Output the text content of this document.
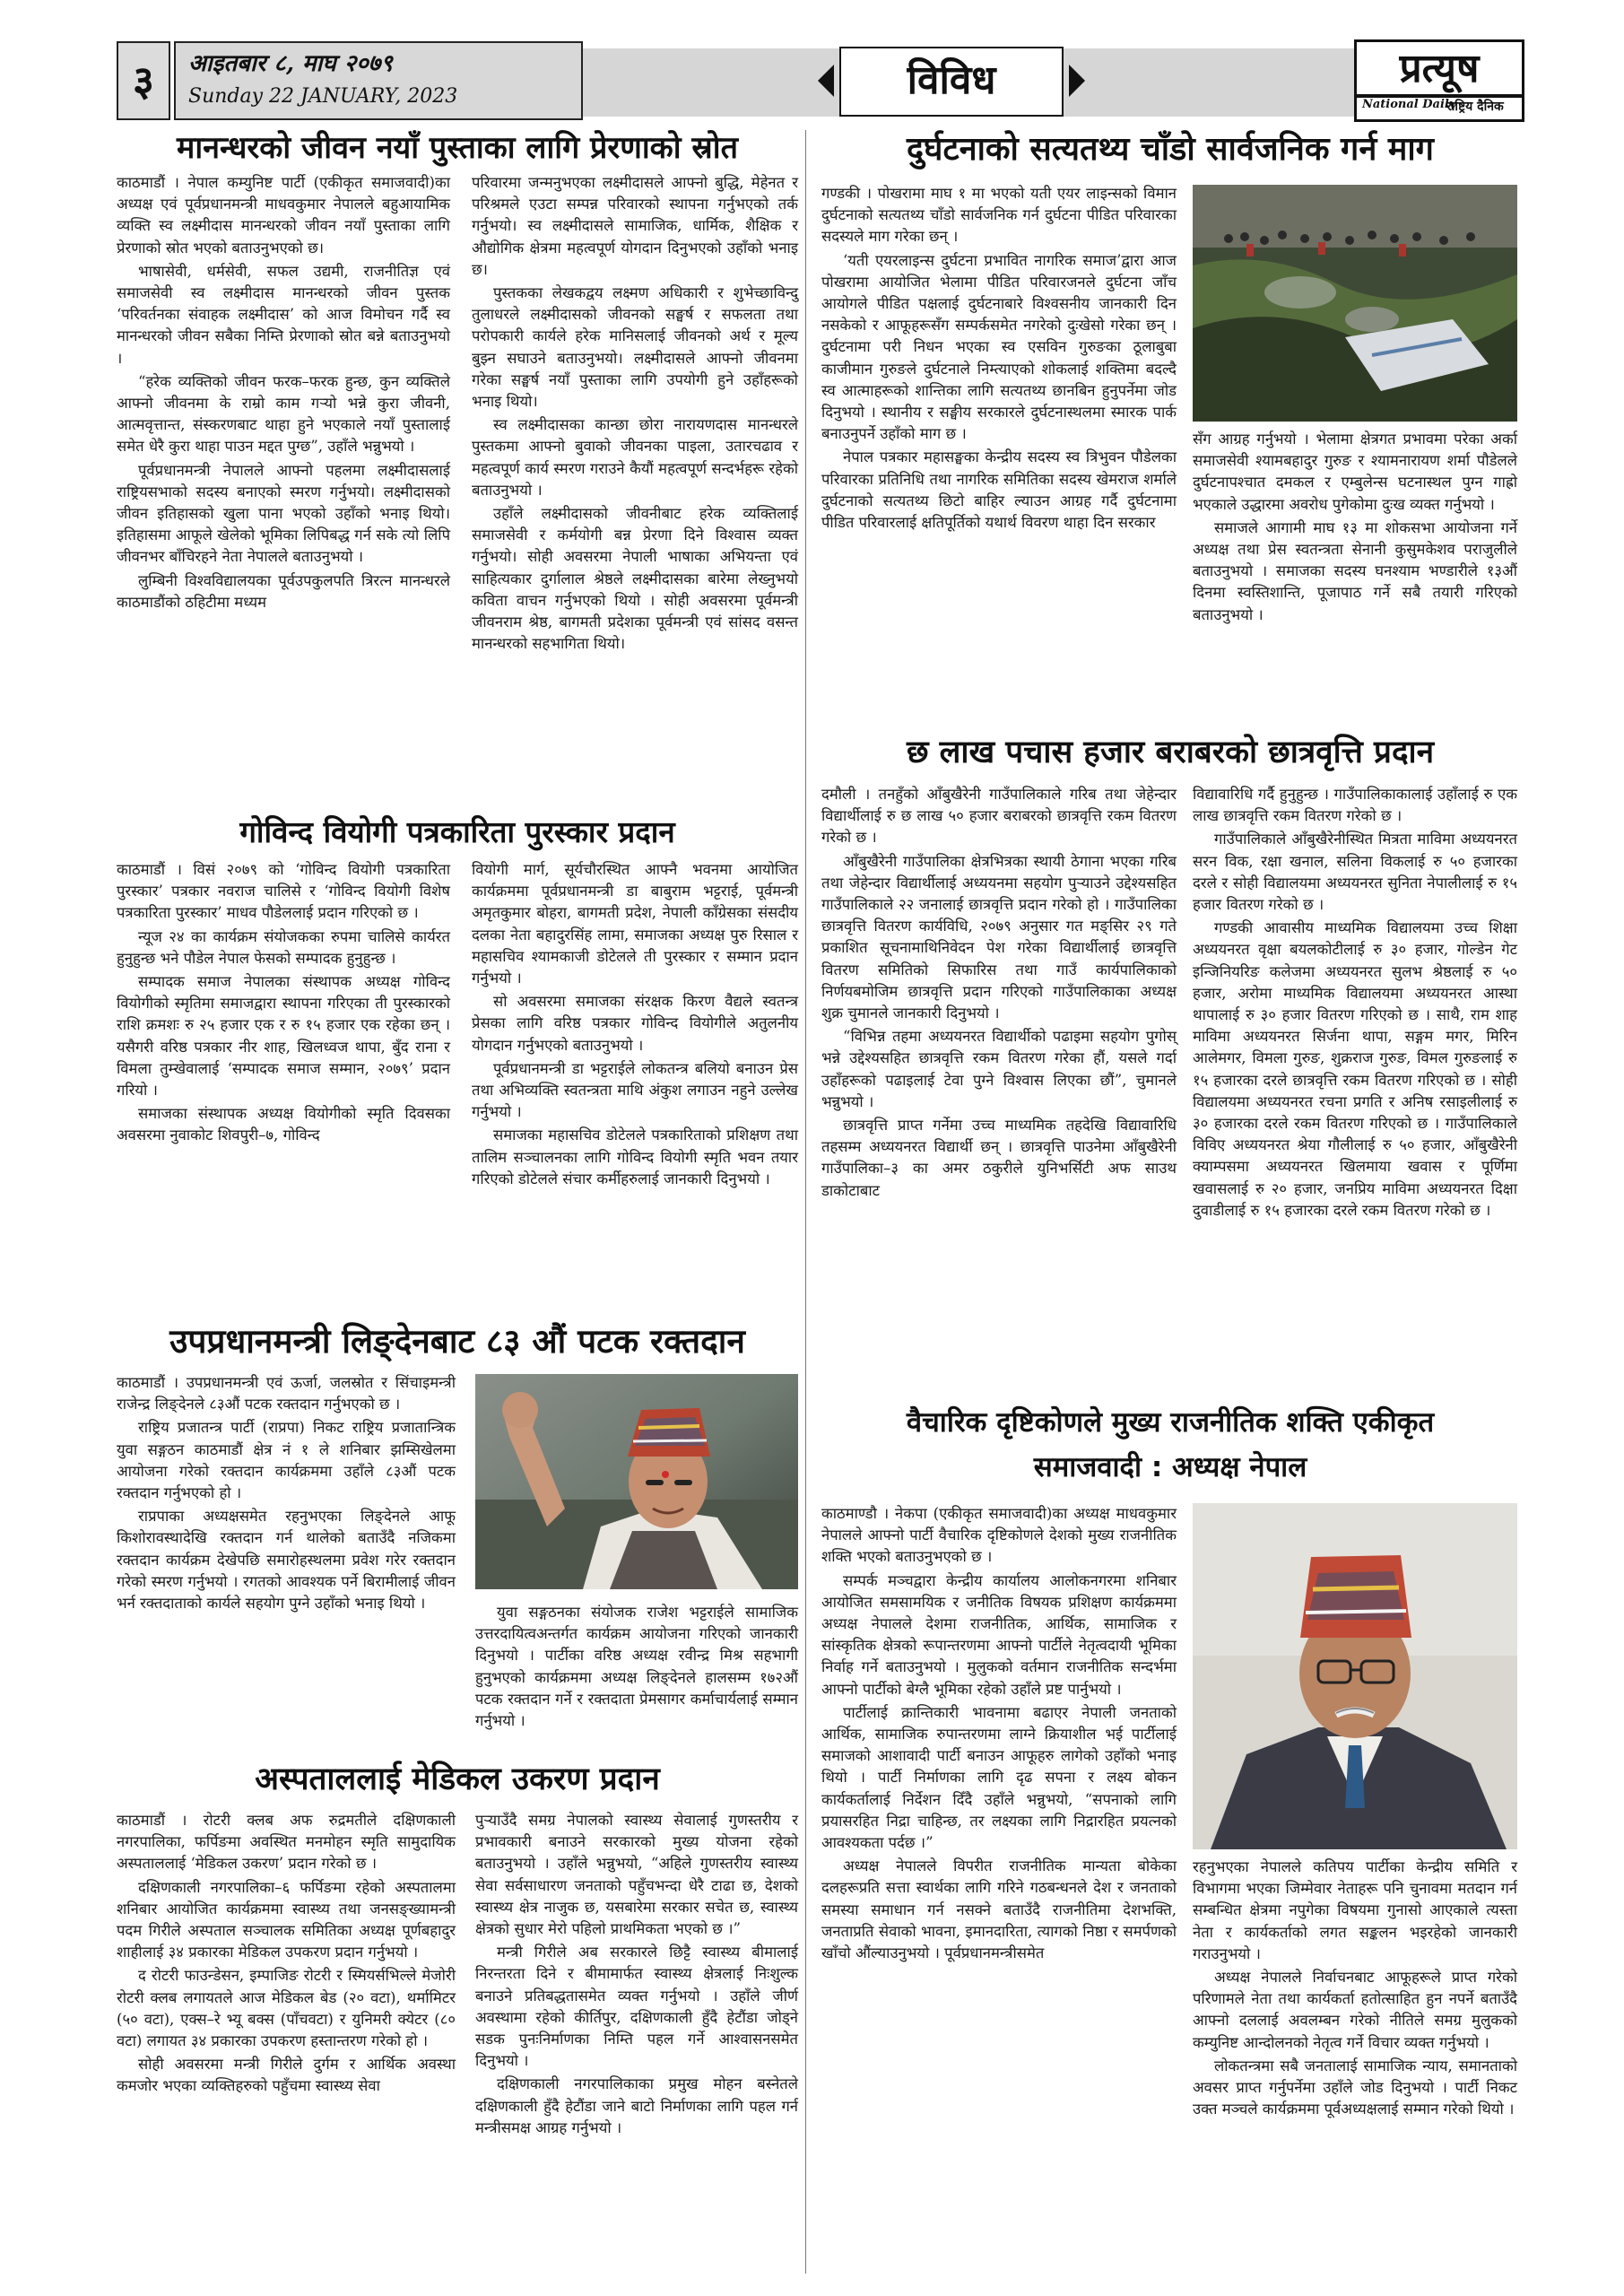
३	आइतबार ८, माघ २०७९
Sunday 22 JANUARY, 2023	विविध	प्रत्यूष
National Daily
राष्ट्रिय दैनिक
मानन्धरको जीवन नयाँ पुस्ताका लागि प्रेरणाको स्रोत

काठमाडौं । नेपाल कम्युनिष्ट पार्टी (एकीकृत समाजवादी)का अध्यक्ष एवं पूर्वप्रधानमन्त्री माधवकुमार नेपालले बहुआयामिक व्यक्ति स्व लक्ष्मीदास मानन्धरको जीवन नयाँ पुस्ताका लागि प्रेरणाको स्रोत भएको बताउनुभएको छ।

भाषासेवी, धर्मसेवी, सफल उद्यमी, राजनीतिज्ञ एवं समाजसेवी स्व लक्ष्मीदास मानन्धरको जीवन पुस्तक ‘परिवर्तनका संवाहक लक्ष्मीदास’ को आज विमोचन गर्दै स्व मानन्धरको जीवन सबैका निम्ति प्रेरणाको स्रोत बन्ने बताउनुभयो ।

“हरेक व्यक्तिको जीवन फरक–फरक हुन्छ, कुन व्यक्तिले आफ्नो जीवनमा के राम्रो काम गऱ्यो भन्ने कुरा जीवनी, आत्मवृत्तान्त, संस्करणबाट थाहा हुने भएकाले नयाँ पुस्तालाई समेत धेरै कुरा थाहा पाउन मद्दत पुग्छ”, उहाँले भन्नुभयो ।

पूर्वप्रधानमन्त्री नेपालले आफ्नो पहलमा लक्ष्मीदासलाई राष्ट्रियसभाको सदस्य बनाएको स्मरण गर्नुभयो। लक्ष्मीदासको जीवन इतिहासको खुला पाना भएको उहाँको भनाइ थियो। इतिहासमा आफूले खेलेको भूमिका लिपिबद्ध गर्न सके त्यो लिपि जीवनभर बाँचिरहने नेता नेपालले बताउनुभयो ।

लुम्बिनी विश्वविद्यालयका पूर्वउपकुलपति त्रिरत्न मानन्धरले काठमाडौंको ठहिटीमा मध्यम

परिवारमा जन्मनुभएका लक्ष्मीदासले आफ्नो बुद्धि, मेहेनत र परिश्रमले एउटा सम्पन्न परिवारको स्थापना गर्नुभएको तर्क गर्नुभयो। स्व लक्ष्मीदासले सामाजिक, धार्मिक, शैक्षिक र औद्योगिक क्षेत्रमा महत्वपूर्ण योगदान दिनुभएको उहाँको भनाइ छ।

पुस्तकका लेखकद्वय लक्ष्मण अधिकारी र शुभेच्छाविन्दु तुलाधरले लक्ष्मीदासको जीवनको सङ्घर्ष र सफलता तथा परोपकारी कार्यले हरेक मानिसलाई जीवनको अर्थ र मूल्य बुझ्न सघाउने बताउनुभयो। लक्ष्मीदासले आफ्नो जीवनमा गरेका सङ्घर्ष नयाँ पुस्ताका लागि उपयोगी हुने उहाँहरूको भनाइ थियो।

स्व लक्ष्मीदासका कान्छा छोरा नारायणदास मानन्धरले पुस्तकमा आफ्नो बुवाको जीवनका पाइला, उतारचढाव र महत्वपूर्ण कार्य स्मरण गराउने कैयौं महत्वपूर्ण सन्दर्भहरू रहेको बताउनुभयो ।

उहाँले लक्ष्मीदासको जीवनीबाट हरेक व्यक्तिलाई समाजसेवी र कर्मयोगी बन्न प्रेरणा दिने विश्वास व्यक्त गर्नुभयो। सोही अवसरमा नेपाली भाषाका अभियन्ता एवं साहित्यकार दुर्गालाल श्रेष्ठले लक्ष्मीदासका बारेमा लेख्नुभयो कविता वाचन गर्नुभएको थियो । सोही अवसरमा पूर्वमन्त्री जीवनराम श्रेष्ठ, बागमती प्रदेशका पूर्वमन्त्री एवं सांसद वसन्त मानन्धरको सहभागिता थियो।

गोविन्द वियोगी पत्रकारिता पुरस्कार प्रदान

काठमाडौं । विसं २०७९ को ‘गोविन्द वियोगी पत्रकारिता पुरस्कार’ पत्रकार नवराज चालिसे र ‘गोविन्द वियोगी विशेष पत्रकारिता पुरस्कार’ माधव पौडेललाई प्रदान गरिएको छ ।

न्यूज २४ का कार्यक्रम संयोजकका रुपमा चालिसे कार्यरत हुनुहुन्छ भने पौडेल नेपाल फेसको सम्पादक हुनुहुन्छ ।

सम्पादक समाज नेपालका संस्थापक अध्यक्ष गोविन्द वियोगीको स्मृतिमा समाजद्वारा स्थापना गरिएका ती पुरस्कारको राशि क्रमशः रु २५ हजार एक र रु १५ हजार एक रहेका छन् । यसैगरी वरिष्ठ पत्रकार नीर शाह, खिलध्वज थापा, बुँद राना र विमला तुम्खेवालाई ‘सम्पादक समाज सम्मान, २०७९’ प्रदान गरियो ।

समाजका संस्थापक अध्यक्ष वियोगीको स्मृति दिवसका अवसरमा नुवाकोट शिवपुरी–७, गोविन्द

वियोगी मार्ग, सूर्यचौरस्थित आफ्नै भवनमा आयोजित कार्यक्रममा पूर्वप्रधानमन्त्री डा बाबुराम भट्टराई, पूर्वमन्त्री अमृतकुमार बोहरा, बागमती प्रदेश, नेपाली काँग्रेसका संसदीय दलका नेता बहादुरसिंह लामा, समाजका अध्यक्ष पुरु रिसाल र महासचिव श्यामकाजी डोटेलले ती पुरस्कार र सम्मान प्रदान गर्नुभयो ।

सो अवसरमा समाजका संरक्षक किरण वैद्यले स्वतन्त्र प्रेसका लागि वरिष्ठ पत्रकार गोविन्द वियोगीले अतुलनीय योगदान गर्नुभएको बताउनुभयो ।

पूर्वप्रधानमन्त्री डा भट्टराईले लोकतन्त्र बलियो बनाउन प्रेस तथा अभिव्यक्ति स्वतन्त्रता माथि अंकुश लगाउन नहुने उल्लेख गर्नुभयो ।

समाजका महासचिव डोटेलले पत्रकारिताको प्रशिक्षण तथा तालिम सञ्चालनका लागि गोविन्द वियोगी स्मृति भवन तयार गरिएको डोटेलले संचार कर्मीहरुलाई जानकारी दिनुभयो ।

उपप्रधानमन्त्री लिङ्देनबाट ८३ औं पटक रक्तदान

काठमाडौं । उपप्रधानमन्त्री एवं ऊर्जा, जलस्रोत र सिंचाइमन्त्री राजेन्द्र लिङ्देनले ८३औं पटक रक्तदान गर्नुभएको छ ।

राष्ट्रिय प्रजातन्त्र पार्टी (राप्रपा) निकट राष्ट्रिय प्रजातान्त्रिक युवा सङ्गठन काठमाडौं क्षेत्र नं १ ले शनिबार झम्सिखेलमा आयोजना गरेको रक्तदान कार्यक्रममा उहाँले ८३औं पटक रक्तदान गर्नुभएको हो ।

राप्रपाका अध्यक्षसमेत रहनुभएका लिङ्देनले आफू किशोरावस्थादेखि रक्तदान गर्न थालेको बताउँदै नजिकमा रक्तदान कार्यक्रम देखेपछि समारोहस्थलमा प्रवेश गरेर रक्तदान गरेको स्मरण गर्नुभयो । रगतको आवश्यक पर्ने बिरामीलाई जीवन भर्न रक्तदाताको कार्यले सहयोग पुग्ने उहाँको भनाइ थियो ।

युवा सङ्गठनका संयोजक राजेश भट्टराईले सामाजिक उत्तरदायित्वअन्तर्गत कार्यक्रम आयोजना गरिएको जानकारी दिनुभयो । पार्टीका वरिष्ठ अध्यक्ष रवीन्द्र मिश्र सहभागी हुनुभएको कार्यक्रममा अध्यक्ष लिङ्देनले हालसम्म १७२औं पटक रक्तदान गर्ने र रक्तदाता प्रेमसागर कर्माचार्यलाई सम्मान गर्नुभयो ।

अस्पताललाई मेडिकल उकरण प्रदान

काठमाडौं । रोटरी क्लब अफ रुद्रमतीले दक्षिणकाली नगरपालिका, फर्पिङमा अवस्थित मनमोहन स्मृति सामुदायिक अस्पताललाई ‘मेडिकल उकरण’ प्रदान गरेको छ ।

दक्षिणकाली नगरपालिका–६ फर्पिङमा रहेको अस्पतालमा शनिबार आयोजित कार्यक्रममा स्वास्थ्य तथा जनसङ्ख्यामन्त्री पदम गिरीले अस्पताल सञ्चालक समितिका अध्यक्ष पूर्णबहादुर शाहीलाई ३४ प्रकारका मेडिकल उपकरण प्रदान गर्नुभयो ।

द रोटरी फाउन्डेसन, इम्पाजिङ रोटरी र स्मियर्सभिल्ले मेजोरी रोटरी क्लब लगायतले आज मेडिकल बेड (२० वटा), थर्मामिटर (५० वटा), एक्स–रे भ्यू बक्स (पाँचवटा) र युनिमरी क्येटर (८० वटा) लगायत ३४ प्रकारका उपकरण हस्तान्तरण गरेको हो ।

सोही अवसरमा मन्त्री गिरीले दुर्गम र आर्थिक अवस्था कमजोर भएका व्यक्तिहरुको पहुँचमा स्वास्थ्य सेवा

पुऱ्याउँदै समग्र नेपालको स्वास्थ्य सेवालाई गुणस्तरीय र प्रभावकारी बनाउने सरकारको मुख्य योजना रहेको बताउनुभयो । उहाँले भन्नुभयो, “अहिले गुणस्तरीय स्वास्थ्य सेवा सर्वसाधारण जनताको पहुँचभन्दा धेरै टाढा छ, देशको स्वास्थ्य क्षेत्र नाजुक छ, यसबारेमा सरकार सचेत छ, स्वास्थ्य क्षेत्रको सुधार मेरो पहिलो प्राथमिकता भएको छ ।”

मन्त्री गिरीले अब सरकारले छिट्टै स्वास्थ्य बीमालाई निरन्तरता दिने र बीमामार्फत स्वास्थ्य क्षेत्रलाई निःशुल्क बनाउने प्रतिबद्धतासमेत व्यक्त गर्नुभयो । उहाँले जीर्ण अवस्थामा रहेको कीर्तिपुर, दक्षिणकाली हुँदै हेटौंडा जोड्ने सडक पुनःनिर्माणका निम्ति पहल गर्ने आश्वासनसमेत दिनुभयो ।

दक्षिणकाली नगरपालिकाका प्रमुख मोहन बस्नेतले दक्षिणकाली हुँदै हेटौंडा जाने बाटो निर्माणका लागि पहल गर्न मन्त्रीसमक्ष आग्रह गर्नुभयो ।

दुर्घटनाको सत्यतथ्य चाँडो सार्वजनिक गर्न माग

गण्डकी । पोखरामा माघ १ मा भएको यती एयर लाइन्सको विमान दुर्घटनाको सत्यतथ्य चाँडो सार्वजनिक गर्न दुर्घटना पीडित परिवारका सदस्यले माग गरेका छन् ।

‘यती एयरलाइन्स दुर्घटना प्रभावित नागरिक समाज’द्वारा आज पोखरामा आयोजित भेलामा पीडित परिवारजनले दुर्घटना जाँच आयोगले पीडित पक्षलाई दुर्घटनाबारे विश्वसनीय जानकारी दिन नसकेको र आफूहरूसँग सम्पर्कसमेत नगरेको दुःखेसो गरेका छन् । दुर्घटनामा परी निधन भएका स्व एसविन गुरुङका ठूलाबुबा काजीमान गुरुङले दुर्घटनाले निम्त्याएको शोकलाई शक्तिमा बदल्दै स्व आत्माहरूको शान्तिका लागि सत्यतथ्य छानबिन हुनुपर्नेमा जोड दिनुभयो । स्थानीय र सङ्घीय सरकारले दुर्घटनास्थलमा स्मारक पार्क बनाउनुपर्ने उहाँको माग छ ।

नेपाल पत्रकार महासङ्घका केन्द्रीय सदस्य स्व त्रिभुवन पौडेलका परिवारका प्रतिनिधि तथा नागरिक समितिका सदस्य खेमराज शर्माले दुर्घटनाको सत्यतथ्य छिटो बाहिर ल्याउन आग्रह गर्दै दुर्घटनामा पीडित परिवारलाई क्षतिपूर्तिको यथार्थ विवरण थाहा दिन सरकार

सँग आग्रह गर्नुभयो । भेलामा क्षेत्रगत प्रभावमा परेका अर्का समाजसेवी श्यामबहादुर गुरुङ र श्यामनारायण शर्मा पौडेलले दुर्घटनापश्चात दमकल र एम्बुलेन्स घटनास्थल पुग्न गाह्रो भएकाले उद्धारमा अवरोध पुगेकोमा दुःख व्यक्त गर्नुभयो ।

समाजले आगामी माघ १३ मा शोकसभा आयोजना गर्ने अध्यक्ष तथा प्रेस स्वतन्त्रता सेनानी कुसुमकेशव पराजुलीले बताउनुभयो । समाजका सदस्य घनश्याम भण्डारीले १३औं दिनमा स्वस्तिशान्ति, पूजापाठ गर्ने सबै तयारी गरिएको बताउनुभयो ।

छ लाख पचास हजार बराबरको छात्रवृत्ति प्रदान

दमौली । तनहुँको आँबुखैरेनी गाउँपालिकाले गरिब तथा जेहेन्दार विद्यार्थीलाई रु छ लाख ५० हजार बराबरको छात्रवृत्ति रकम वितरण गरेको छ ।

आँबुखैरेनी गाउँपालिका क्षेत्रभित्रका स्थायी ठेगाना भएका गरिब तथा जेहेन्दार विद्यार्थीलाई अध्ययनमा सहयोग पुऱ्याउने उद्देश्यसहित गाउँपालिकाले २२ जनालाई छात्रवृत्ति प्रदान गरेको हो । गाउँपालिका छात्रवृत्ति वितरण कार्यविधि, २०७९ अनुसार गत मङ्सिर २९ गते प्रकाशित सूचनामाथिनिवेदन पेश गरेका विद्यार्थीलाई छात्रवृत्ति वितरण समितिको सिफारिस तथा गाउँ कार्यपालिकाको निर्णयबमोजिम छात्रवृत्ति प्रदान गरिएको गाउँपालिकाका अध्यक्ष शुक्र चुमानले जानकारी दिनुभयो ।

“विभिन्न तहमा अध्ययनरत विद्यार्थीको पढाइमा सहयोग पुगोस् भन्ने उद्देश्यसहित छात्रवृत्ति रकम वितरण गरेका हौं, यसले गर्दा उहाँहरूको पढाइलाई टेवा पुग्ने विश्वास लिएका छौं”, चुमानले भन्नुभयो ।

छात्रवृत्ति प्राप्त गर्नेमा उच्च माध्यमिक तहदेखि विद्यावारिधि तहसम्म अध्ययनरत विद्यार्थी छन् । छात्रवृत्ति पाउनेमा आँबुखैरेनी गाउँपालिका–३ का अमर ठकुरीले युनिभर्सिटी अफ साउथ डाकोटाबाट

विद्यावारिधि गर्दै हुनुहुन्छ । गाउँपालिकाकालाई उहाँलाई रु एक लाख छात्रवृत्ति रकम वितरण गरेको छ ।

गाउँपालिकाले आँबुखैरेनीस्थित मित्रता माविमा अध्ययनरत सरन विक, रक्षा खनाल, सलिना विकलाई रु ५० हजारका दरले र सोही विद्यालयमा अध्ययनरत सुनिता नेपालीलाई रु १५ हजार वितरण गरेको छ ।

गण्डकी आवासीय माध्यमिक विद्यालयमा उच्च शिक्षा अध्ययनरत वृक्षा बयलकोटीलाई रु ३० हजार, गोल्डेन गेट इन्जिनियरिङ कलेजमा अध्ययनरत सुलभ श्रेष्ठलाई रु ५० हजार, अरोमा माध्यमिक विद्यालयमा अध्ययनरत आस्था थापालाई रु ३० हजार वितरण गरिएको छ । साथै, राम शाह माविमा अध्ययनरत सिर्जना थापा, सङ्गम मगर, मिरिन आलेमगर, विमला गुरुङ, शुक्रराज गुरुङ, विमल गुरुङलाई रु १५ हजारका दरले छात्रवृत्ति रकम वितरण गरिएको छ । सोही विद्यालयमा अध्ययनरत रचना प्रगति र अनिष रसाइलीलाई रु ३० हजारका दरले रकम वितरण गरिएको छ । गाउँपालिकाले विविए अध्ययनरत श्रेया गौलीलाई रु ५० हजार, आँबुखैरेनी क्याम्पसमा अध्ययनरत खिलमाया खवास र पूर्णिमा खवासलाई रु २० हजार, जनप्रिय माविमा अध्ययनरत दिक्षा दुवाडीलाई रु १५ हजारका दरले रकम वितरण गरेको छ ।

वैचारिक दृष्टिकोणले मुख्य राजनीतिक शक्ति एकीकृत
समाजवादी : अध्यक्ष नेपाल

काठमाण्डौ । नेकपा (एकीकृत समाजवादी)का अध्यक्ष माधवकुमार नेपालले आफ्नो पार्टी वैचारिक दृष्टिकोणले देशको मुख्य राजनीतिक शक्ति भएको बताउनुभएको छ ।

सम्पर्क मञ्चद्वारा केन्द्रीय कार्यालय आलोकनगरमा शनिबार आयोजित समसामयिक र जनीतिक विषयक प्रशिक्षण कार्यक्रममा अध्यक्ष नेपालले देशमा राजनीतिक, आर्थिक, सामाजिक र सांस्कृतिक क्षेत्रको रूपान्तरणमा आफ्नो पार्टीले नेतृत्वदायी भूमिका निर्वाह गर्ने बताउनुभयो । मुलुकको वर्तमान राजनीतिक सन्दर्भमा आफ्नो पार्टीको बेग्लै भूमिका रहेको उहाँले प्रष्ट पार्नुभयो ।

पार्टीलाई क्रान्तिकारी भावनामा बढाएर नेपाली जनताको आर्थिक, सामाजिक रुपान्तरणमा लाग्ने क्रियाशील भई पार्टीलाई समाजको आशावादी पार्टी बनाउन आफूहरु लागेको उहाँको भनाइ थियो । पार्टी निर्माणका लागि दृढ सपना र लक्ष्य बोकन कार्यकर्तालाई निर्देशन दिँदै उहाँले भन्नुभयो, “सपनाको लागि प्रयासरहित निद्रा चाहिन्छ, तर लक्ष्यका लागि निद्रारहित प्रयत्नको आवश्यकता पर्दछ ।”

अध्यक्ष नेपालले विपरीत राजनीतिक मान्यता बोकेका दलहरूप्रति सत्ता स्वार्थका लागि गरिने गठबन्धनले देश र जनताको समस्या समाधान गर्न नसक्ने बताउँदै राजनीतिमा देशभक्ति, जनताप्रति सेवाको भावना, इमानदारिता, त्यागको निष्ठा र समर्पणको खाँचो औंल्याउनुभयो । पूर्वप्रधानमन्त्रीसमेत

रहनुभएका नेपालले कतिपय पार्टीका केन्द्रीय समिति र विभागमा भएका जिम्मेवार नेताहरू पनि चुनावमा मतदान गर्न सम्बन्धित क्षेत्रमा नपुगेका विषयमा गुनासो आएकाले त्यस्ता नेता र कार्यकर्ताको लगत सङ्कलन भइरहेको जानकारी गराउनुभयो ।

अध्यक्ष नेपालले निर्वाचनबाट आफूहरूले प्राप्त गरेको परिणामले नेता तथा कार्यकर्ता हतोत्साहित हुन नपर्ने बताउँदै आफ्नो दललाई अवलम्बन गरेको नीतिले समग्र मुलुकको कम्युनिष्ट आन्दोलनको नेतृत्व गर्ने विचार व्यक्त गर्नुभयो ।

लोकतन्त्रमा सबै जनतालाई सामाजिक न्याय, समानताको अवसर प्राप्त गर्नुपर्नेमा उहाँले जोड दिनुभयो । पार्टी निकट उक्त मञ्चले कार्यक्रममा पूर्वअध्यक्षलाई सम्मान गरेको थियो ।
